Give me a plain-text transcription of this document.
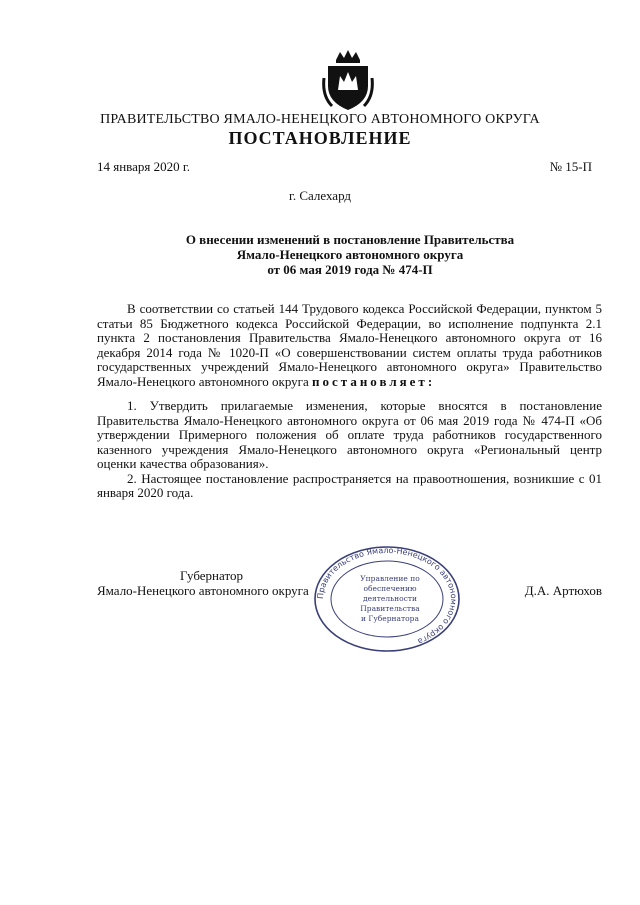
ПРАВИТЕЛЬСТВО ЯМАЛО-НЕНЕЦКОГО АВТОНОМНОГО ОКРУГА
ПОСТАНОВЛЕНИЕ
14 января 2020 г.	№ 15-П
г. Салехард
О внесении изменений в постановление Правительства
Ямало-Ненецкого автономного округа
от 06 мая 2019 года № 474-П

В соответствии со статьей 144 Трудового кодекса Российской Федерации, пунктом 5 статьи 85 Бюджетного кодекса Российской Федерации, во исполнение подпункта 2.1 пункта 2 постановления Правительства Ямало-Ненецкого автономного округа от 16 декабря 2014 года № 1020-П «О совершенствовании систем оплаты труда работников государственных учреждений Ямало-Ненецкого автономного округа» Правительство Ямало-Ненецкого автономного округа постановляет:

1. Утвердить прилагаемые изменения, которые вносятся в постановление Правительства Ямало-Ненецкого автономного округа от 06 мая 2019 года № 474-П «Об утверждении Примерного положения об оплате труда работников государственного казенного учреждения Ямало-Ненецкого автономного округа «Региональный центр оценки качества образования».

2. Настоящее постановление распространяется на правоотношения, возникшие с 01 января 2020 года.

Губернатор
Ямало-Ненецкого автономного округа	Д.А. Артюхов
Правительство Ямало-Ненецкого автономного округа
Управление по
обеспечению
деятельности
Правительства
и Губернатора
